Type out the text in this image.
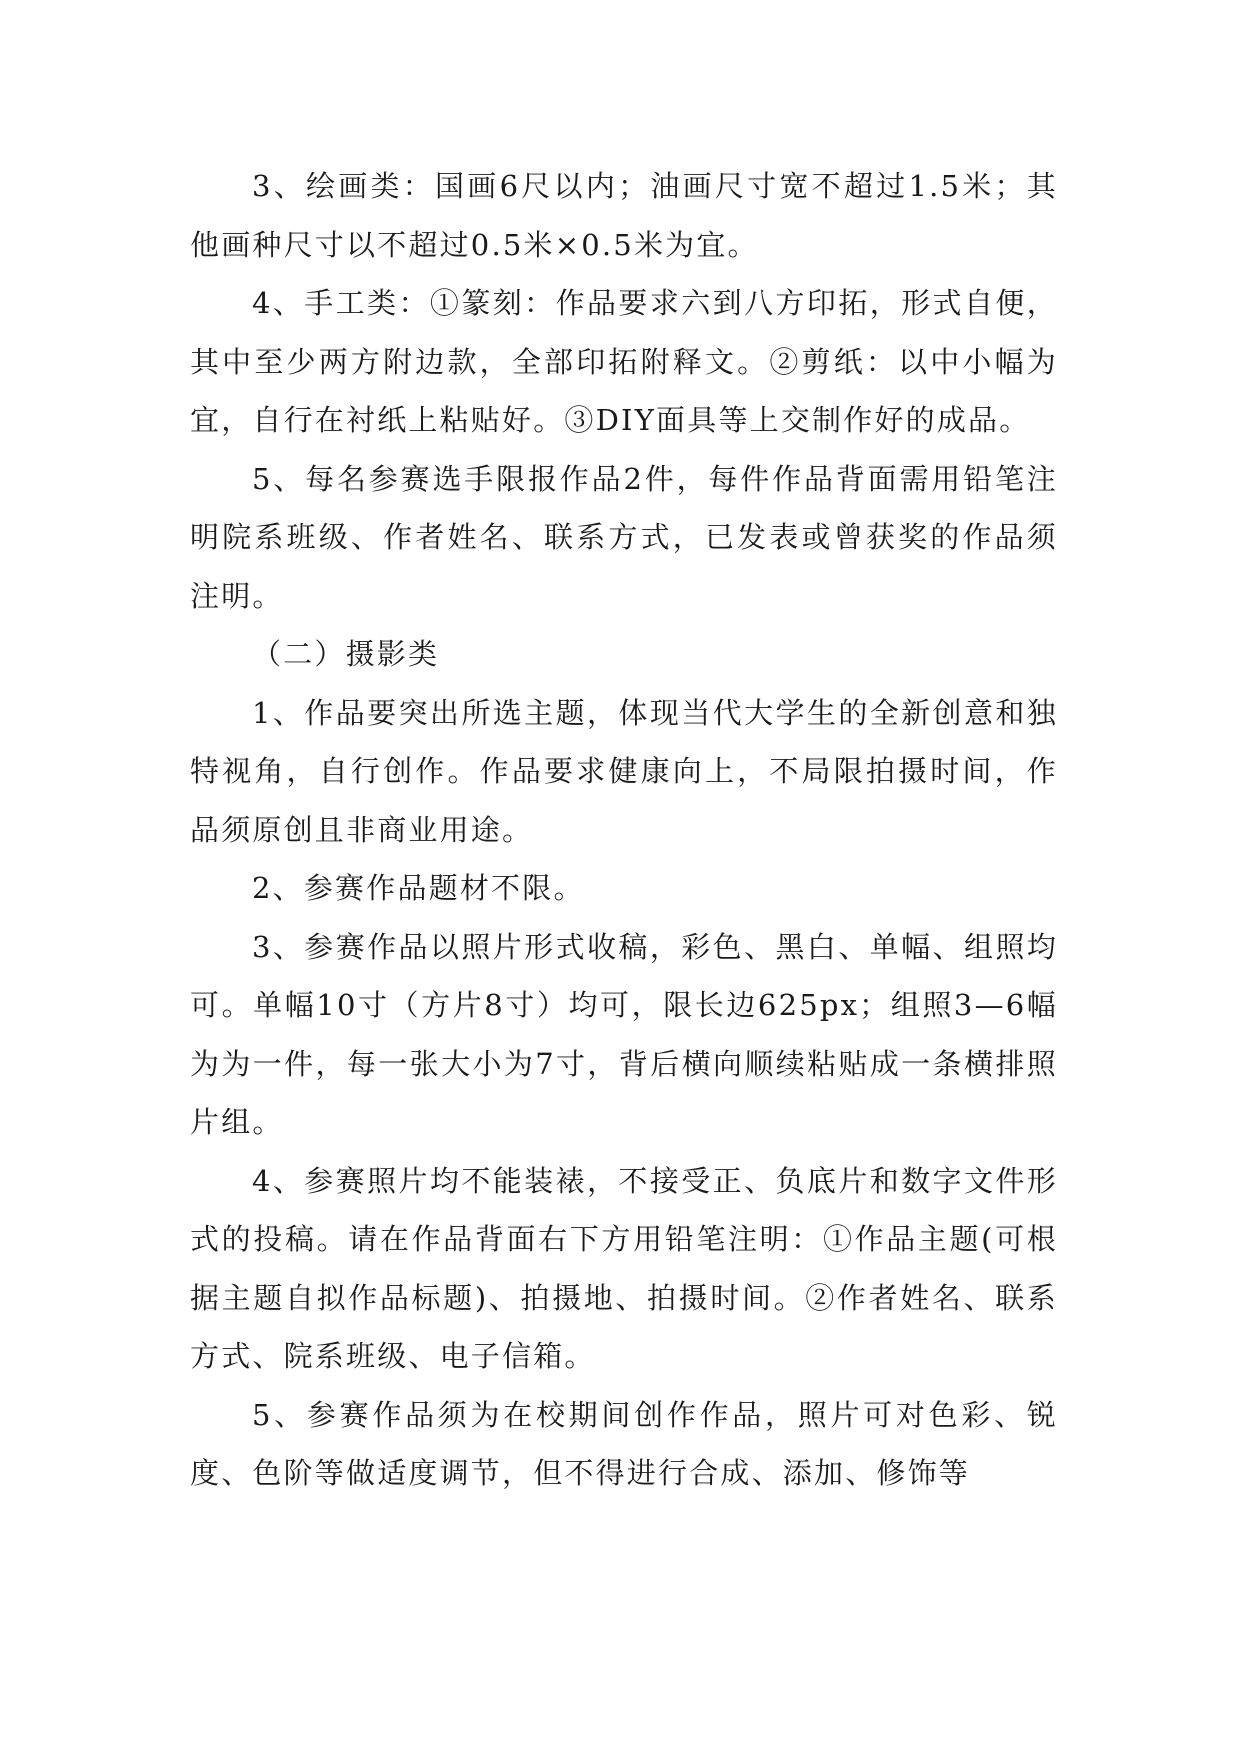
3、绘画类：国画6尺以内；油画尺寸宽不超过1.5米；其他画种尺寸以不超过0.5米×0.5米为宜。

4、手工类：①篆刻：作品要求六到八方印拓，形式自便，其中至少两方附边款，全部印拓附释文。②剪纸：以中小幅为宜，自行在衬纸上粘贴好。③DIY面具等上交制作好的成品。

5、每名参赛选手限报作品2件，每件作品背面需用铅笔注明院系班级、作者姓名、联系方式，已发表或曾获奖的作品须注明。

（二）摄影类

1、作品要突出所选主题，体现当代大学生的全新创意和独特视角，自行创作。作品要求健康向上，不局限拍摄时间，作品须原创且非商业用途。

2、参赛作品题材不限。

3、参赛作品以照片形式收稿，彩色、黑白、单幅、组照均可。单幅10寸（方片8寸）均可，限长边625px；组照3—6幅为为一件，每一张大小为7寸，背后横向顺续粘贴成一条横排照片组。

4、参赛照片均不能装裱，不接受正、负底片和数字文件形式的投稿。请在作品背面右下方用铅笔注明：①作品主题(可根据主题自拟作品标题)、拍摄地、拍摄时间。②作者姓名、联系方式、院系班级、电子信箱。

5、参赛作品须为在校期间创作作品，照片可对色彩、锐度、色阶等做适度调节，但不得进行合成、添加、修饰等
